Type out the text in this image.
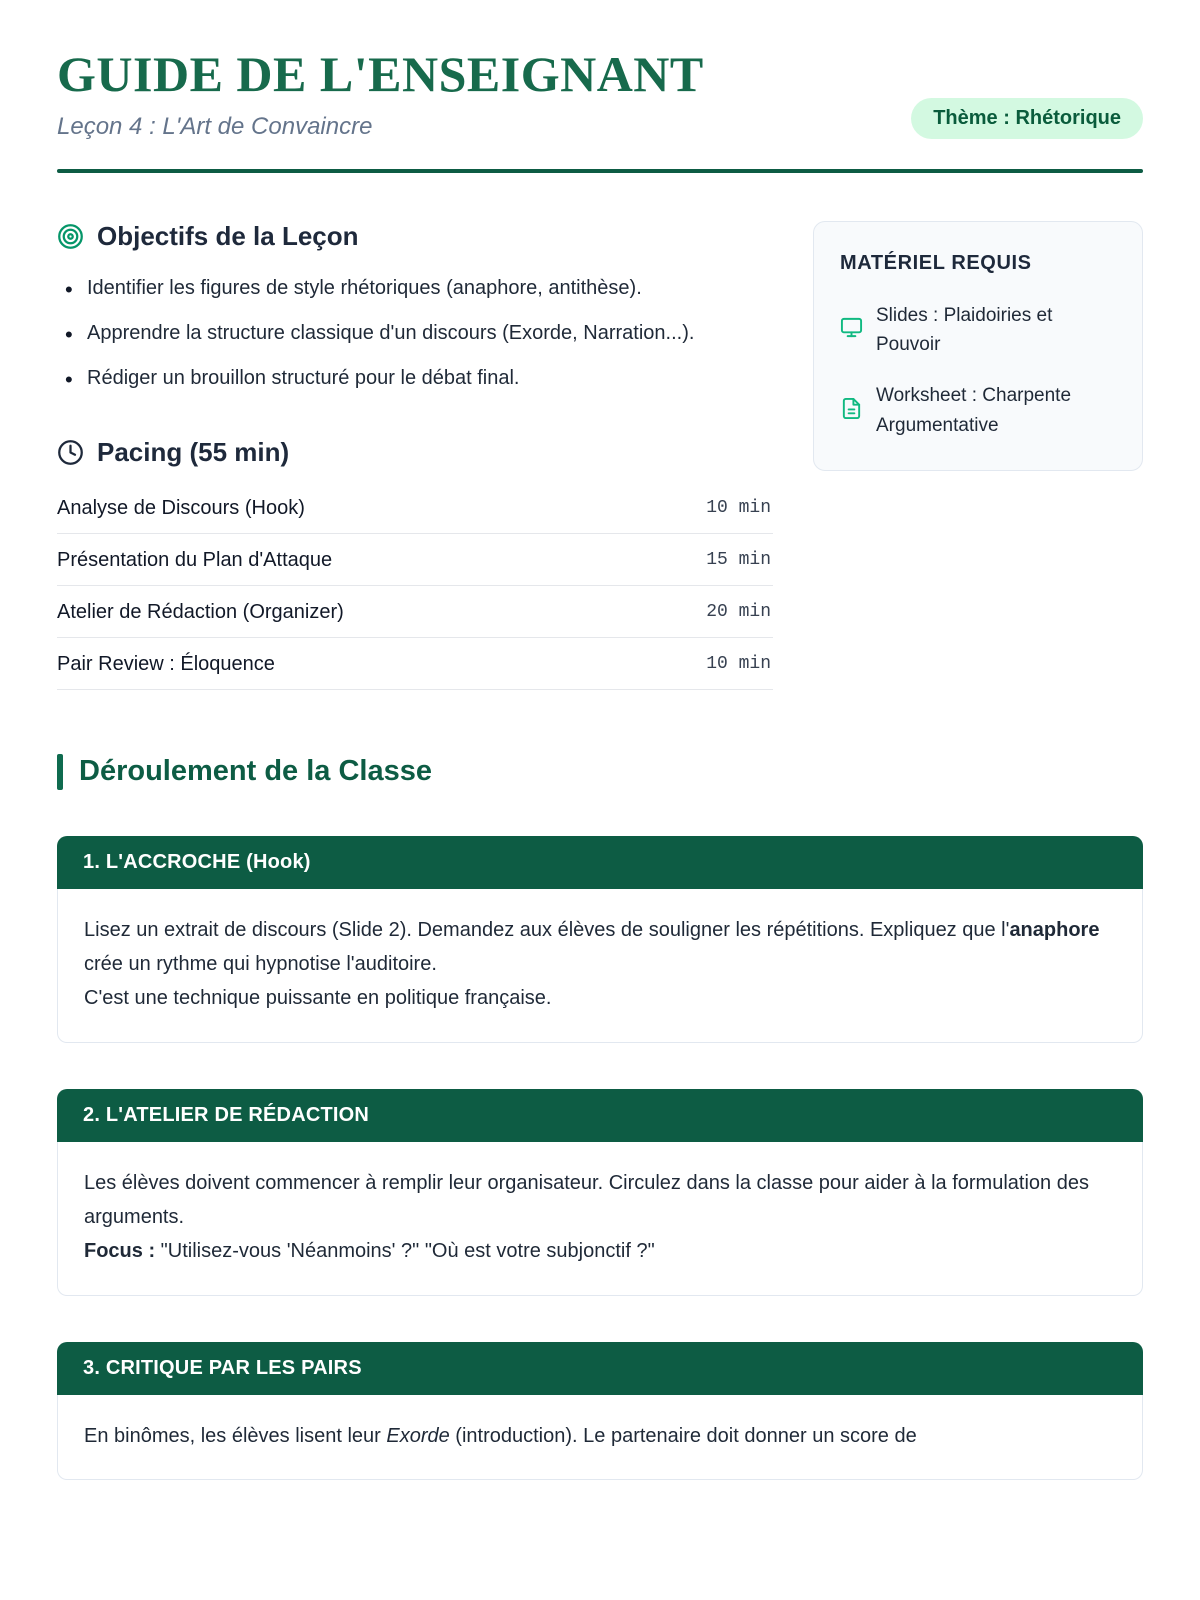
GUIDE DE L'ENSEIGNANT
Leçon 4 : L'Art de Convaincre	Thème : Rhétorique
Objectifs de la Leçon
• Identifier les figures de style rhétoriques (anaphore, antithèse).
• Apprendre la structure classique d'un discours (Exorde, Narration...).
• Rédiger un brouillon structuré pour le débat final.
Pacing (55 min)
Analyse de Discours (Hook)	10 min
Présentation du Plan d'Attaque	15 min
Atelier de Rédaction (Organizer)	20 min
Pair Review : Éloquence	10 min
MATÉRIEL REQUIS
Slides : Plaidoiries et Pouvoir
Worksheet : Charpente Argumentative
Déroulement de la Classe
1. L'ACCROCHE (Hook)

Lisez un extrait de discours (Slide 2). Demandez aux élèves de souligner les répétitions. Expliquez que l'anaphore crée un rythme qui hypnotise l'auditoire.

C'est une technique puissante en politique française.

2. L'ATELIER DE RÉDACTION

Les élèves doivent commencer à remplir leur organisateur. Circulez dans la classe pour aider à la formulation des arguments.

Focus : "Utilisez-vous 'Néanmoins' ?" "Où est votre subjonctif ?"

3. CRITIQUE PAR LES PAIRS

En binômes, les élèves lisent leur Exorde (introduction). Le partenaire doit donner un score de
